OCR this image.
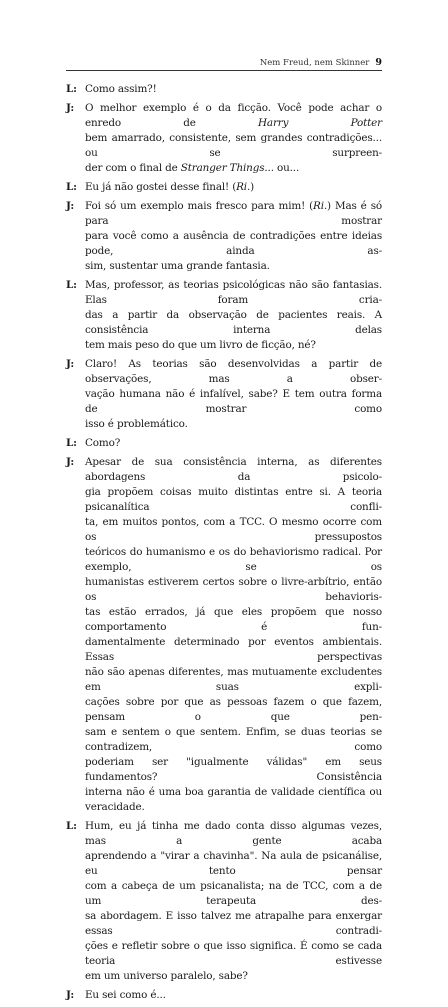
Nem Freud, nem Skinner 9
L: Como assim?!
J:	O melhor exemplo é o da ficção. Você pode achar o enredo de Harry Potter
bem amarrado, consistente, sem grandes contradições... ou se surpreen-
der com o final de Stranger Things... ou...
L: Eu já não gostei desse final! (Ri.)
J:	Foi só um exemplo mais fresco para mim! (Ri.) Mas é só para mostrar
para você como a ausência de contradições entre ideias pode, ainda as-
sim, sustentar uma grande fantasia.
L: Mas, professor, as teorias psicológicas não são fantasias. Elas foram cria-
das a partir da observação de pacientes reais. A consistência interna delas
tem mais peso do que um livro de ficção, né?
J:	Claro! As teorias são desenvolvidas a partir de observações, mas a obser-
vação humana não é infalível, sabe? E tem outra forma de mostrar como
isso é problemático.
L: Como?
J:	Apesar de sua consistência interna, as diferentes abordagens da psicolo-
gia propõem coisas muito distintas entre si. A teoria psicanalítica confli-
ta, em muitos pontos, com a TCC. O mesmo ocorre com os pressupostos
teóricos do humanismo e os do behaviorismo radical. Por exemplo, se os
humanistas estiverem certos sobre o livre-arbítrio, então os behavioris-
tas estão errados, já que eles propõem que nosso comportamento é fun-
damentalmente determinado por eventos ambientais. Essas perspectivas
não são apenas diferentes, mas mutuamente excludentes em suas expli-
cações sobre por que as pessoas fazem o que fazem, pensam o que pen-
sam e sentem o que sentem. Enfim, se duas teorias se contradizem, como
poderiam ser "igualmente válidas" em seus fundamentos? Consistência
interna não é uma boa garantia de validade científica ou veracidade.
L: Hum, eu já tinha me dado conta disso algumas vezes, mas a gente acaba
aprendendo a "virar a chavinha". Na aula de psicanálise, eu tento pensar
com a cabeça de um psicanalista; na de TCC, com a de um terapeuta des-
sa abordagem. E isso talvez me atrapalhe para enxergar essas contradi-
ções e refletir sobre o que isso significa. É como se cada teoria estivesse
em um universo paralelo, sabe?
J:	Eu sei como é...
